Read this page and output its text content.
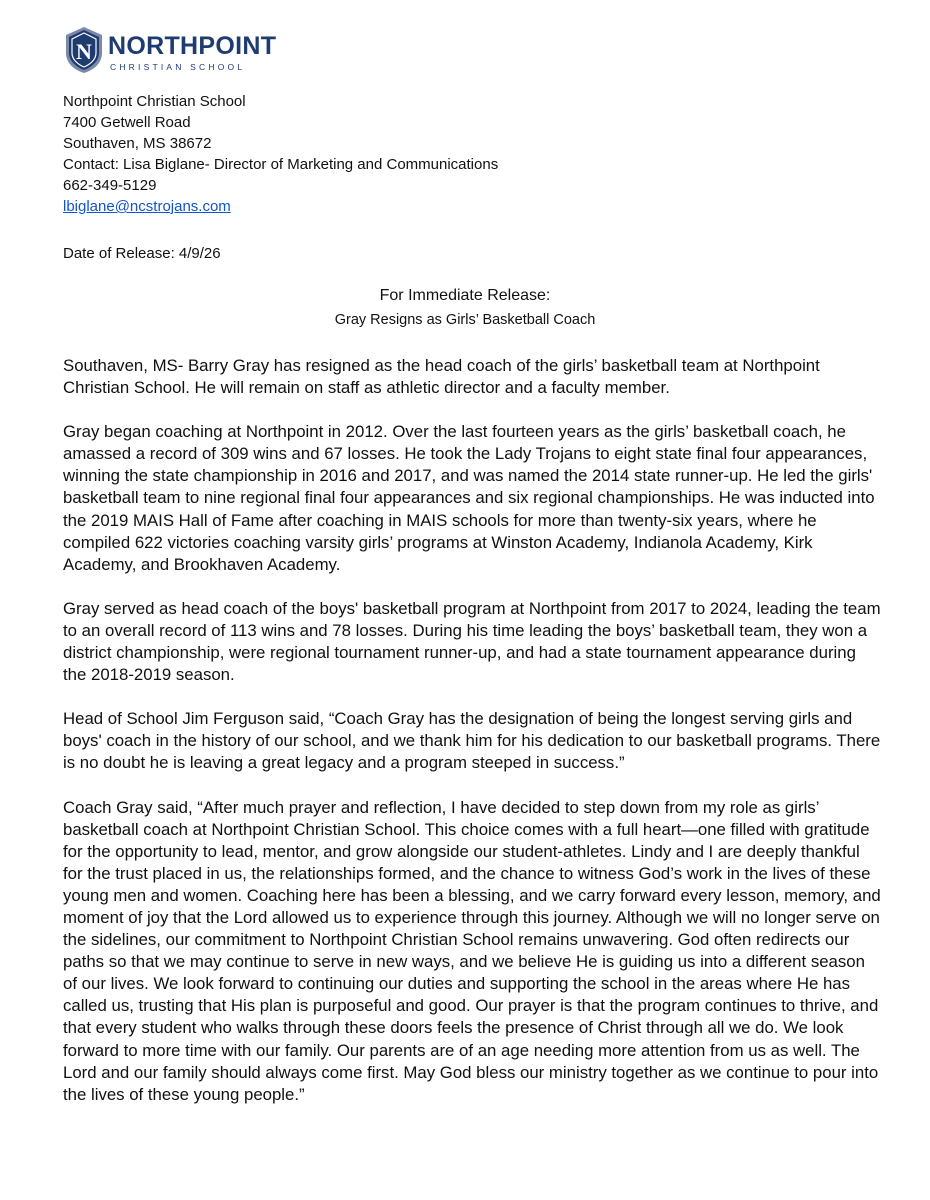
N NORTHPOINT
CHRISTIAN SCHOOL
Northpoint Christian School
7400 Getwell Road
Southaven, MS 38672
Contact: Lisa Biglane- Director of Marketing and Communications
662-349-5129
lbiglane@ncstrojans.com
Date of Release: 4/9/26
For Immediate Release:
Gray Resigns as Girls’ Basketball Coach

Southaven, MS- Barry Gray has resigned as the head coach of the girls’ basketball team at Northpoint Christian School. He will remain on staff as athletic director and a faculty member.

Gray began coaching at Northpoint in 2012. Over the last fourteen years as the girls’ basketball coach, he amassed a record of 309 wins and 67 losses. He took the Lady Trojans to eight state final four appearances, winning the state championship in 2016 and 2017, and was named the 2014 state runner-up. He led the girls' basketball team to nine regional final four appearances and six regional championships. He was inducted into the 2019 MAIS Hall of Fame after coaching in MAIS schools for more than twenty-six years, where he compiled 622 victories coaching varsity girls’ programs at Winston Academy, Indianola Academy, Kirk Academy, and Brookhaven Academy.

Gray served as head coach of the boys' basketball program at Northpoint from 2017 to 2024, leading the team to an overall record of 113 wins and 78 losses. During his time leading the boys’ basketball team, they won a district championship, were regional tournament runner-up, and had a state tournament appearance during the 2018-2019 season.

Head of School Jim Ferguson said, “Coach Gray has the designation of being the longest serving girls and boys' coach in the history of our school, and we thank him for his dedication to our basketball programs. There is no doubt he is leaving a great legacy and a program steeped in success.”

Coach Gray said, “After much prayer and reflection, I have decided to step down from my role as girls’ basketball coach at Northpoint Christian School. This choice comes with a full heart—one filled with gratitude for the opportunity to lead, mentor, and grow alongside our student-athletes. Lindy and I are deeply thankful for the trust placed in us, the relationships formed, and the chance to witness God’s work in the lives of these young men and women. Coaching here has been a blessing, and we carry forward every lesson, memory, and moment of joy that the Lord allowed us to experience through this journey. Although we will no longer serve on the sidelines, our commitment to Northpoint Christian School remains unwavering. God often redirects our paths so that we may continue to serve in new ways, and we believe He is guiding us into a different season of our lives. We look forward to continuing our duties and supporting the school in the areas where He has called us, trusting that His plan is purposeful and good. Our prayer is that the program continues to thrive, and that every student who walks through these doors feels the presence of Christ through all we do. We look forward to more time with our family. Our parents are of an age needing more attention from us as well. The Lord and our family should always come first. May God bless our ministry together as we continue to pour into the lives of these young people.”
